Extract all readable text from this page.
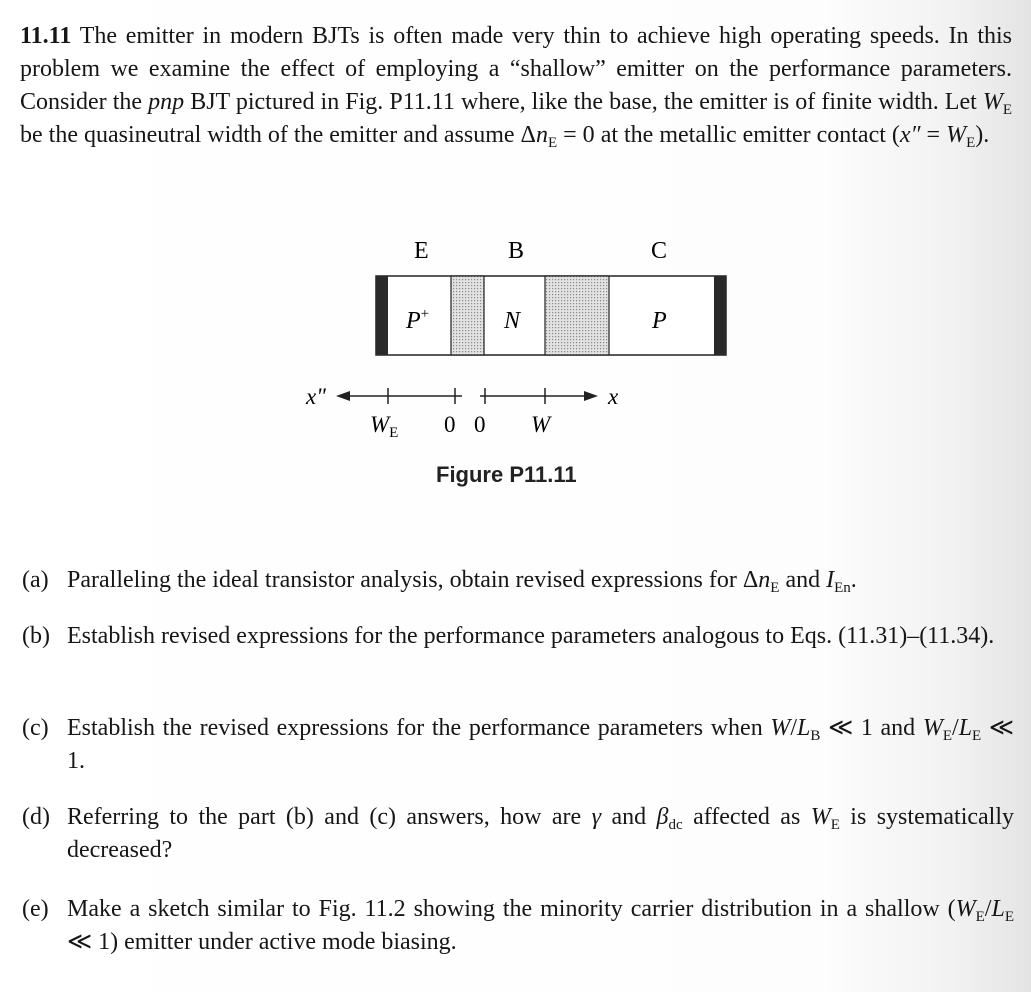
11.11 The emitter in modern BJTs is often made very thin to achieve high operating speeds. In this problem we examine the effect of employing a “shallow” emitter on the performance parameters. Consider the pnp BJT pictured in Fig. P11.11 where, like the base, the emitter is of finite width. Let $W_E$ be the quasineutral width of the emitter and assume $\Delta n_E = 0$ at the metallic emitter contact $(x'' = W_E)$.
E	B	C
P+	N	P
x"	x
$W_E$ 0 0 W
Figure P11.11
(a) Paralleling the ideal transistor analysis, obtain revised expressions for $\Delta n_E$ and $I_{En}$.
(b) Establish revised expressions for the performance parameters analogous to Eqs. (11.31)–(11.34).
(c) Establish the revised expressions for the performance parameters when $W/L_B$ ≪ 1 and $W_E/L_E$ ≪ 1.
(d) Referring to the part (b) and (c) answers, how are γ and $\beta_{dc}$ affected as $W_E$ is systematically decreased?
(e) Make a sketch similar to Fig. 11.2 showing the minority carrier distribution in a shallow ($W_E/L_E$ ≪ 1) emitter under active mode biasing.
